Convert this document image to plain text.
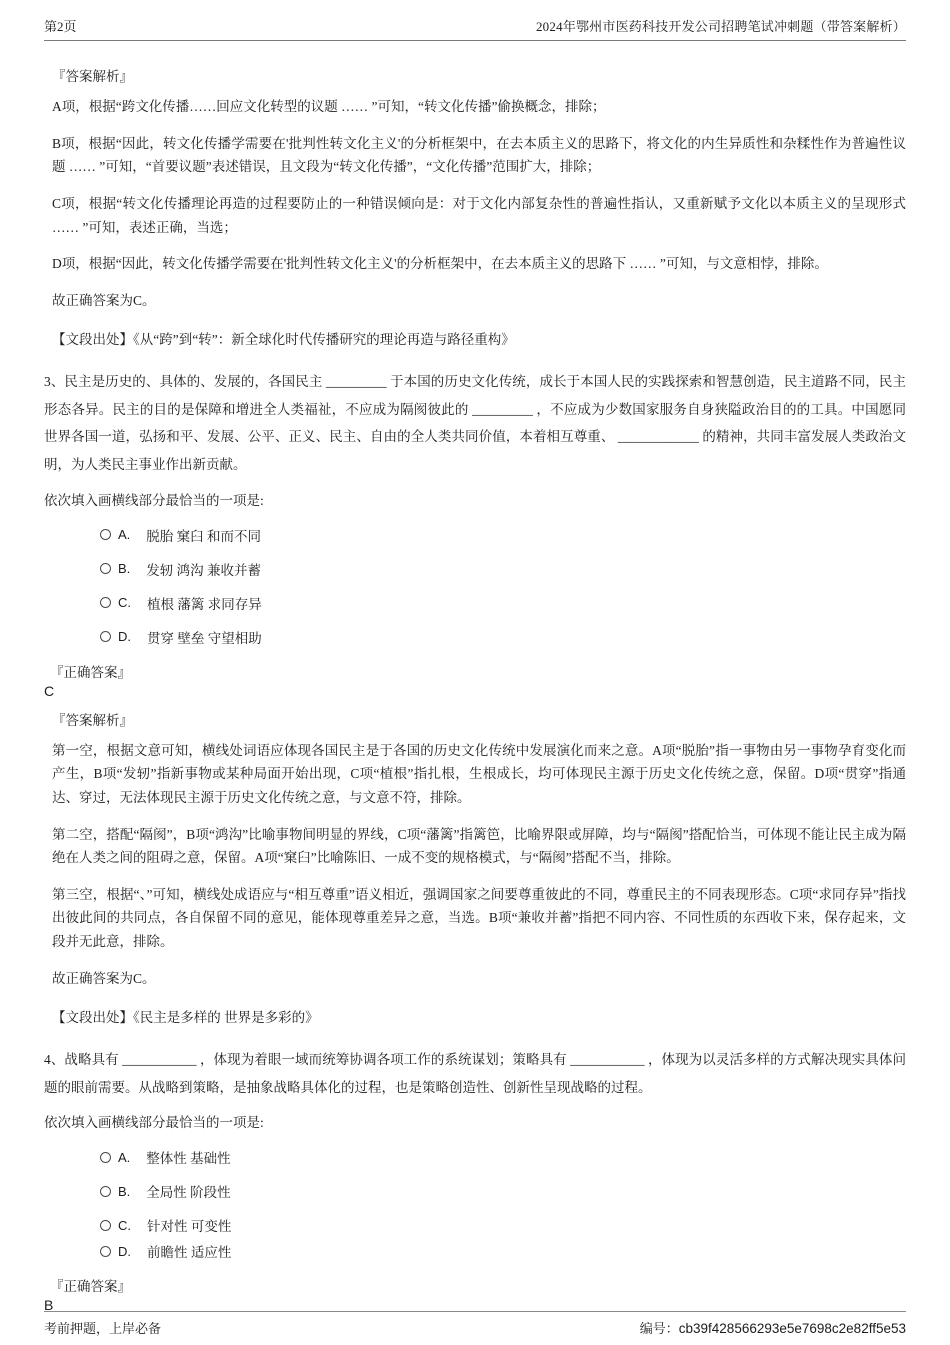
第2页	2024年鄂州市医药科技开发公司招聘笔试冲刺题（带答案解析）
『答案解析』

A项，根据“跨文化传播……回应文化转型的议题 …… ”可知，“转文化传播”偷换概念，排除；

B项，根据“因此，转文化传播学需要在'批判性转文化主义'的分析框架中，在去本质主义的思路下，将文化的内生异质性和杂糅性作为普遍性议题 …… ”可知，“首要议题”表述错误，且文段为“转文化传播”，“文化传播”范围扩大，排除；

C项，根据“转文化传播理论再造的过程要防止的一种错误倾向是：对于文化内部复杂性的普遍性指认，又重新赋予文化以本质主义的呈现形式 …… ”可知，表述正确，当选；

D项，根据“因此，转文化传播学需要在'批判性转文化主义'的分析框架中，在去本质主义的思路下 …… ”可知，与文意相悖，排除。

故正确答案为C。

【文段出处】《从“跨”到“转”：新全球化时代传播研究的理论再造与路径重构》

3、民主是历史的、具体的、发展的，各国民主 _________ 于本国的历史文化传统，成长于本国人民的实践探索和智慧创造，民主道路不同，民主形态各异。民主的目的是保障和增进全人类福祉，不应成为隔阂彼此的 _________ ，不应成为少数国家服务自身狭隘政治目的的工具。中国愿同世界各国一道，弘扬和平、发展、公平、正义、民主、自由的全人类共同价值，本着相互尊重、 ____________ 的精神，共同丰富发展人类政治文明，为人类民主事业作出新贡献。

依次填入画横线部分最恰当的一项是:

A. 脱胎 窠臼 和而不同
B. 发轫 鸿沟 兼收并蓄
C. 植根 藩篱 求同存异
D. 贯穿 壁垒 守望相助
『正确答案』
C
『答案解析』

第一空，根据文意可知，横线处词语应体现各国民主是于各国的历史文化传统中发展演化而来之意。A项“脱胎”指一事物由另一事物孕育变化而产生，B项“发轫”指新事物或某种局面开始出现，C项“植根”指扎根，生根成长，均可体现民主源于历史文化传统之意，保留。D项“贯穿”指通达、穿过，无法体现民主源于历史文化传统之意，与文意不符，排除。

第二空，搭配“隔阂”，B项“鸿沟”比喻事物间明显的界线，C项“藩篱”指篱笆，比喻界限或屏障，均与“隔阂”搭配恰当，可体现不能让民主成为隔绝在人类之间的阻碍之意，保留。A项“窠臼”比喻陈旧、一成不变的规格模式，与“隔阂”搭配不当，排除。

第三空，根据“、”可知，横线处成语应与“相互尊重”语义相近，强调国家之间要尊重彼此的不同，尊重民主的不同表现形态。C项“求同存异”指找出彼此间的共同点，各自保留不同的意见，能体现尊重差异之意，当选。B项“兼收并蓄”指把不同内容、不同性质的东西收下来，保存起来，文段并无此意，排除。

故正确答案为C。

【文段出处】《民主是多样的 世界是多彩的》

4、战略具有 ___________ ，体现为着眼一域而统筹协调各项工作的系统谋划；策略具有 ___________ ，体现为以灵活多样的方式解决现实具体问题的眼前需要。从战略到策略，是抽象战略具体化的过程，也是策略创造性、创新性呈现战略的过程。

依次填入画横线部分最恰当的一项是:

A. 整体性 基础性
B. 全局性 阶段性
C. 针对性 可变性
D. 前瞻性 适应性
『正确答案』
B
考前押题，上岸必备	编号：cb39f428566293e5e7698c2e82ff5e53
